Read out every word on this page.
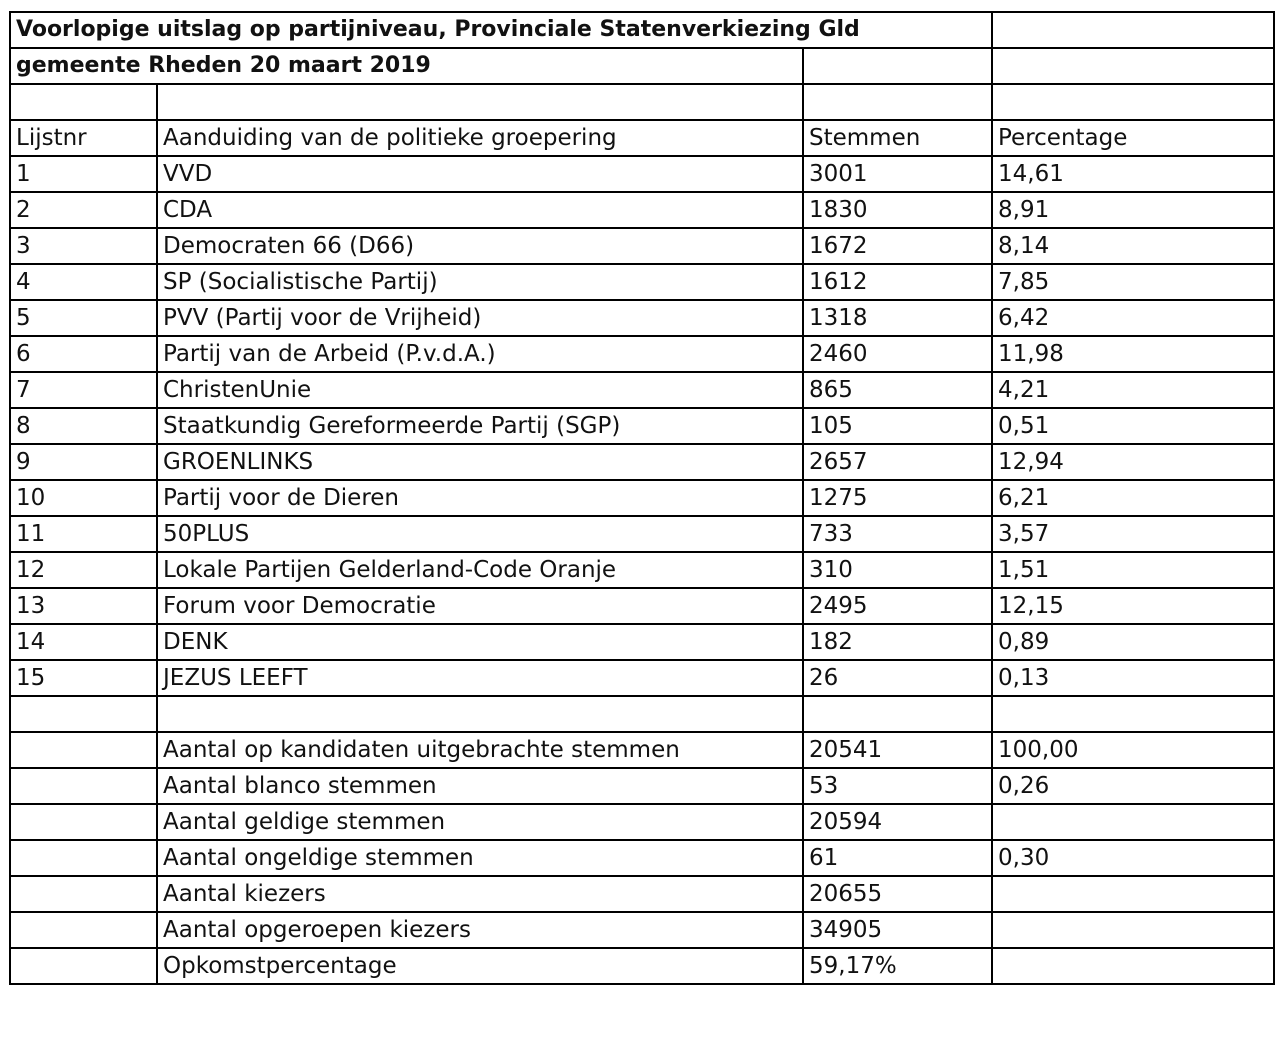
Voorlopige uitslag op partijniveau, Provinciale Statenverkiezing Gld			
gemeente Rheden 20 maart 2019			

Lijstnr	Aanduiding van de politieke groepering	Stemmen	Percentage
1	VVD	3001	14,61
2	CDA	1830	8,91
3	Democraten 66 (D66)	1672	8,14
4	SP (Socialistische Partij)	1612	7,85
5	PVV (Partij voor de Vrijheid)	1318	6,42
6	Partij van de Arbeid (P.v.d.A.)	2460	11,98
7	ChristenUnie	865	4,21
8	Staatkundig Gereformeerde Partij (SGP)	105	0,51
9	GROENLINKS	2657	12,94
10	Partij voor de Dieren	1275	6,21
11	50PLUS	733	3,57
12	Lokale Partijen Gelderland-Code Oranje	310	1,51
13	Forum voor Democratie	2495	12,15
14	DENK	182	0,89
15	JEZUS LEEFT	26	0,13

	Aantal op kandidaten uitgebrachte stemmen	20541	100,00
	Aantal blanco stemmen	53	0,26
	Aantal geldige stemmen	20594	
	Aantal ongeldige stemmen	61	0,30
	Aantal kiezers	20655	
	Aantal opgeroepen kiezers	34905	
	Opkomstpercentage	59,17%	
